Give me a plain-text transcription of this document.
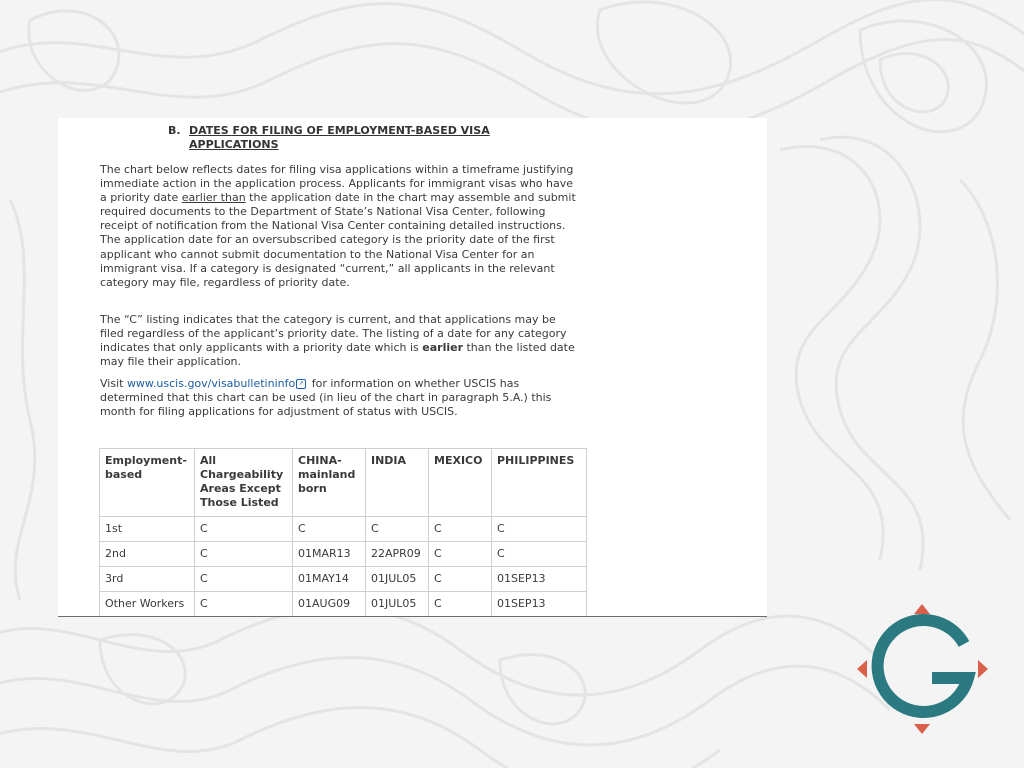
B. DATES FOR FILING OF EMPLOYMENT-BASED VISA APPLICATIONS
The chart below reflects dates for filing visa applications within a timeframe justifying immediate action in the application process. Applicants for immigrant visas who have a priority date earlier than the application date in the chart may assemble and submit required documents to the Department of State’s National Visa Center, following receipt of notification from the National Visa Center containing detailed instructions. The application date for an oversubscribed category is the priority date of the first applicant who cannot submit documentation to the National Visa Center for an immigrant visa. If a category is designated “current,” all applicants in the relevant category may file, regardless of priority date.
The “C” listing indicates that the category is current, and that applications may be filed regardless of the applicant’s priority date. The listing of a date for any category indicates that only applicants with a priority date which is earlier than the listed date may file their application.
Visit www.uscis.gov/visabulletininfo ↗ for information on whether USCIS has determined that this chart can be used (in lieu of the chart in paragraph 5.A.) this month for filing applications for adjustment of status with USCIS.
Employment-based	All Chargeability Areas Except Those Listed	CHINA-mainland born	INDIA	MEXICO	PHILIPPINES
1st	C	C	C	C	C
2nd	C	01MAR13	22APR09	C	C
3rd	C	01MAY14	01JUL05	C	01SEP13
Other Workers	C	01AUG09	01JUL05	C	01SEP13
